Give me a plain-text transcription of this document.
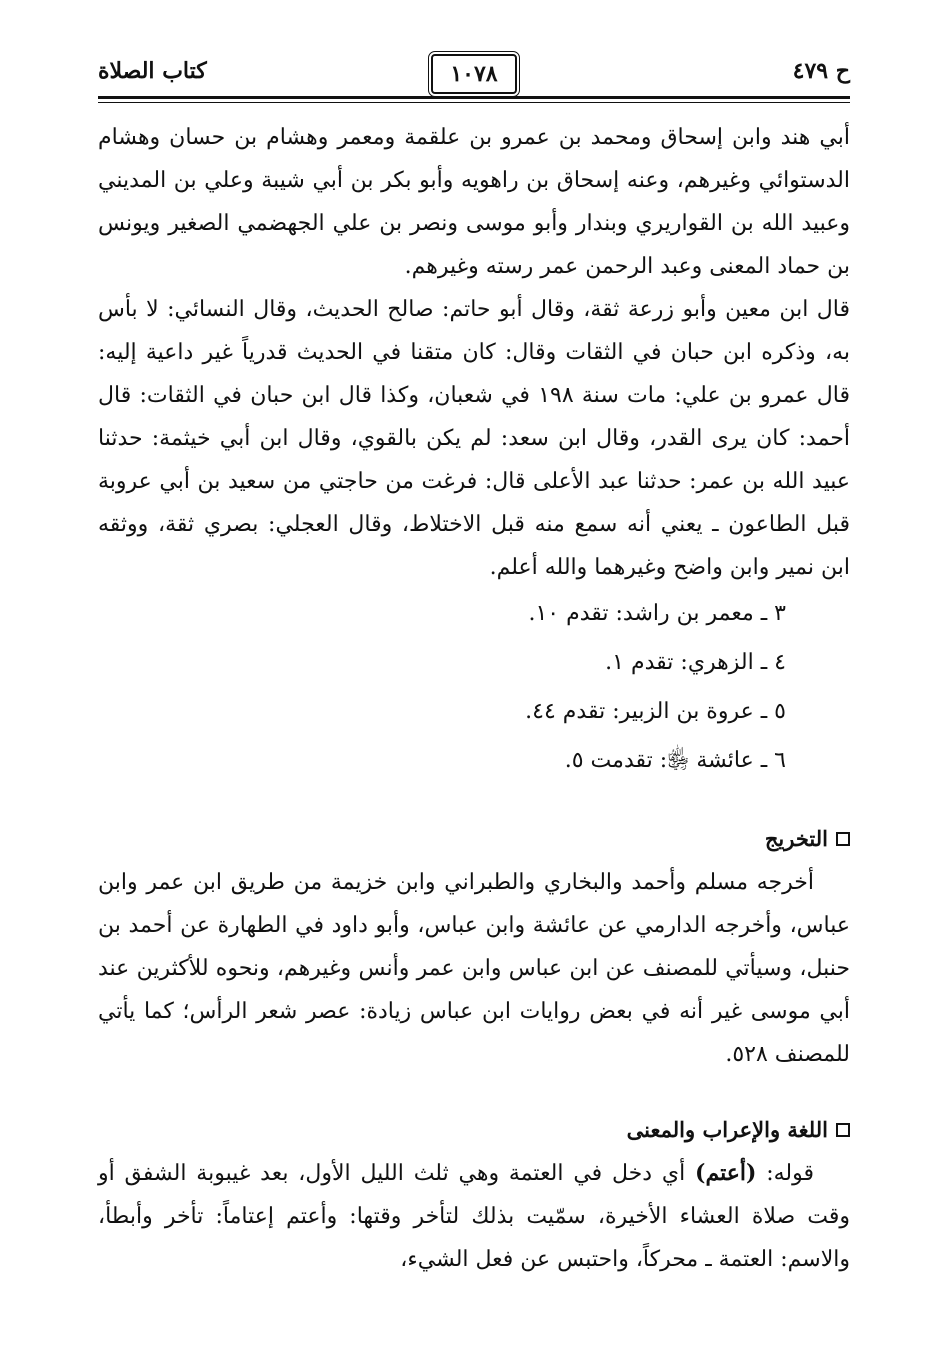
ح ٤٧٩
١٠٧٨
كتاب الصلاة

أبي هند وابن إسحاق ومحمد بن عمرو بن علقمة ومعمر وهشام بن حسان وهشام الدستوائي وغيرهم، وعنه إسحاق بن راهويه وأبو بكر بن أبي شيبة وعلي بن المديني وعبيد الله بن القواريري وبندار وأبو موسى ونصر بن علي الجهضمي الصغير ويونس بن حماد المعنى وعبد الرحمن عمر رسته وغيرهم.

قال ابن معين وأبو زرعة ثقة، وقال أبو حاتم: صالح الحديث، وقال النسائي: لا بأس به، وذكره ابن حبان في الثقات وقال: كان متقنا في الحديث قدرياً غير داعية إليه: قال عمرو بن علي: مات سنة ١٩٨ في شعبان، وكذا قال ابن حبان في الثقات: قال أحمد: كان يرى القدر، وقال ابن سعد: لم يكن بالقوي، وقال ابن أبي خيثمة: حدثنا عبيد الله بن عمر: حدثنا عبد الأعلى قال: فرغت من حاجتي من سعيد بن أبي عروبة قبل الطاعون ـ يعني أنه سمع منه قبل الاختلاط، وقال العجلي: بصري ثقة، ووثقه ابن نمير وابن واضح وغيرهما والله أعلم.

٣ ـ معمر بن راشد: تقدم ١٠.
٤ ـ الزهري: تقدم ١.
٥ ـ عروة بن الزبير: تقدم ٤٤.
٦ ـ عائشة ﵂: تقدمت ٥.
التخريج

أخرجه مسلم وأحمد والبخاري والطبراني وابن خزيمة من طريق ابن عمر وابن عباس، وأخرجه الدارمي عن عائشة وابن عباس، وأبو داود في الطهارة عن أحمد بن حنبل، وسيأتي للمصنف عن ابن عباس وابن عمر وأنس وغيرهم، ونحوه للأكثرين عند أبي موسى غير أنه في بعض روايات ابن عباس زيادة: عصر شعر الرأس؛ كما يأتي للمصنف ٥٢٨.

اللغة والإعراب والمعنى

قوله: (أعتم) أي دخل في العتمة وهي ثلث الليل الأول، بعد غيبوبة الشفق أو وقت صلاة العشاء الأخيرة، سمّيت بذلك لتأخر وقتها: وأعتم إعتاماً: تأخر وأبطأ، والاسم: العتمة ـ محركاً، واحتبس عن فعل الشيء،
